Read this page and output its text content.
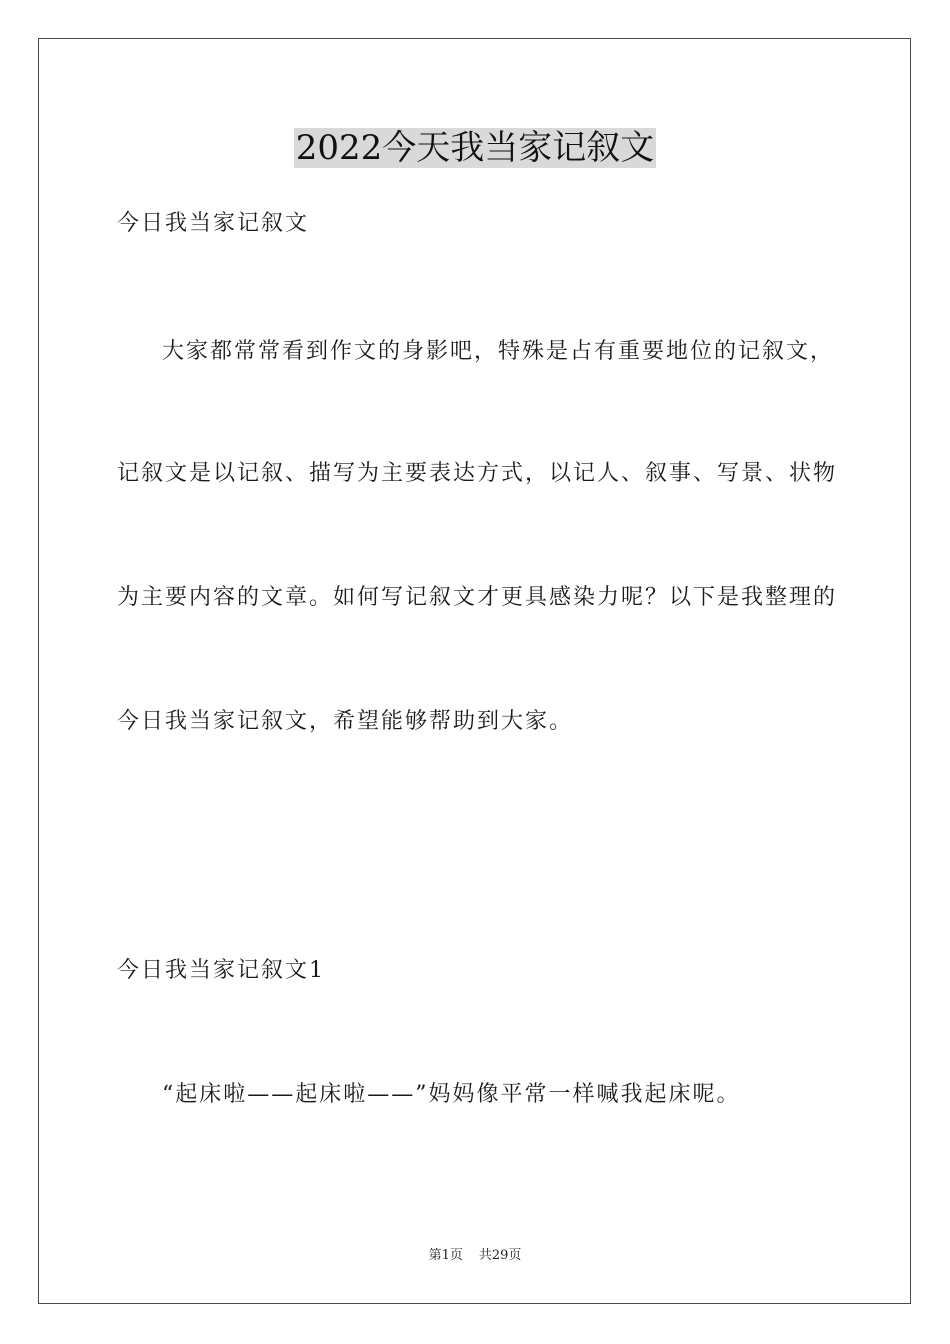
2022今天我当家记叙文
今日我当家记叙文
大家都常常看到作文的身影吧，特殊是占有重要地位的记叙文，
记叙文是以记叙、描写为主要表达方式，以记人、叙事、写景、状物
为主要内容的文章。如何写记叙文才更具感染力呢？以下是我整理的
今日我当家记叙文，希望能够帮助到大家。
今日我当家记叙文1
“起床啦——起床啦——”妈妈像平常一样喊我起床呢。
第1页 共29页
